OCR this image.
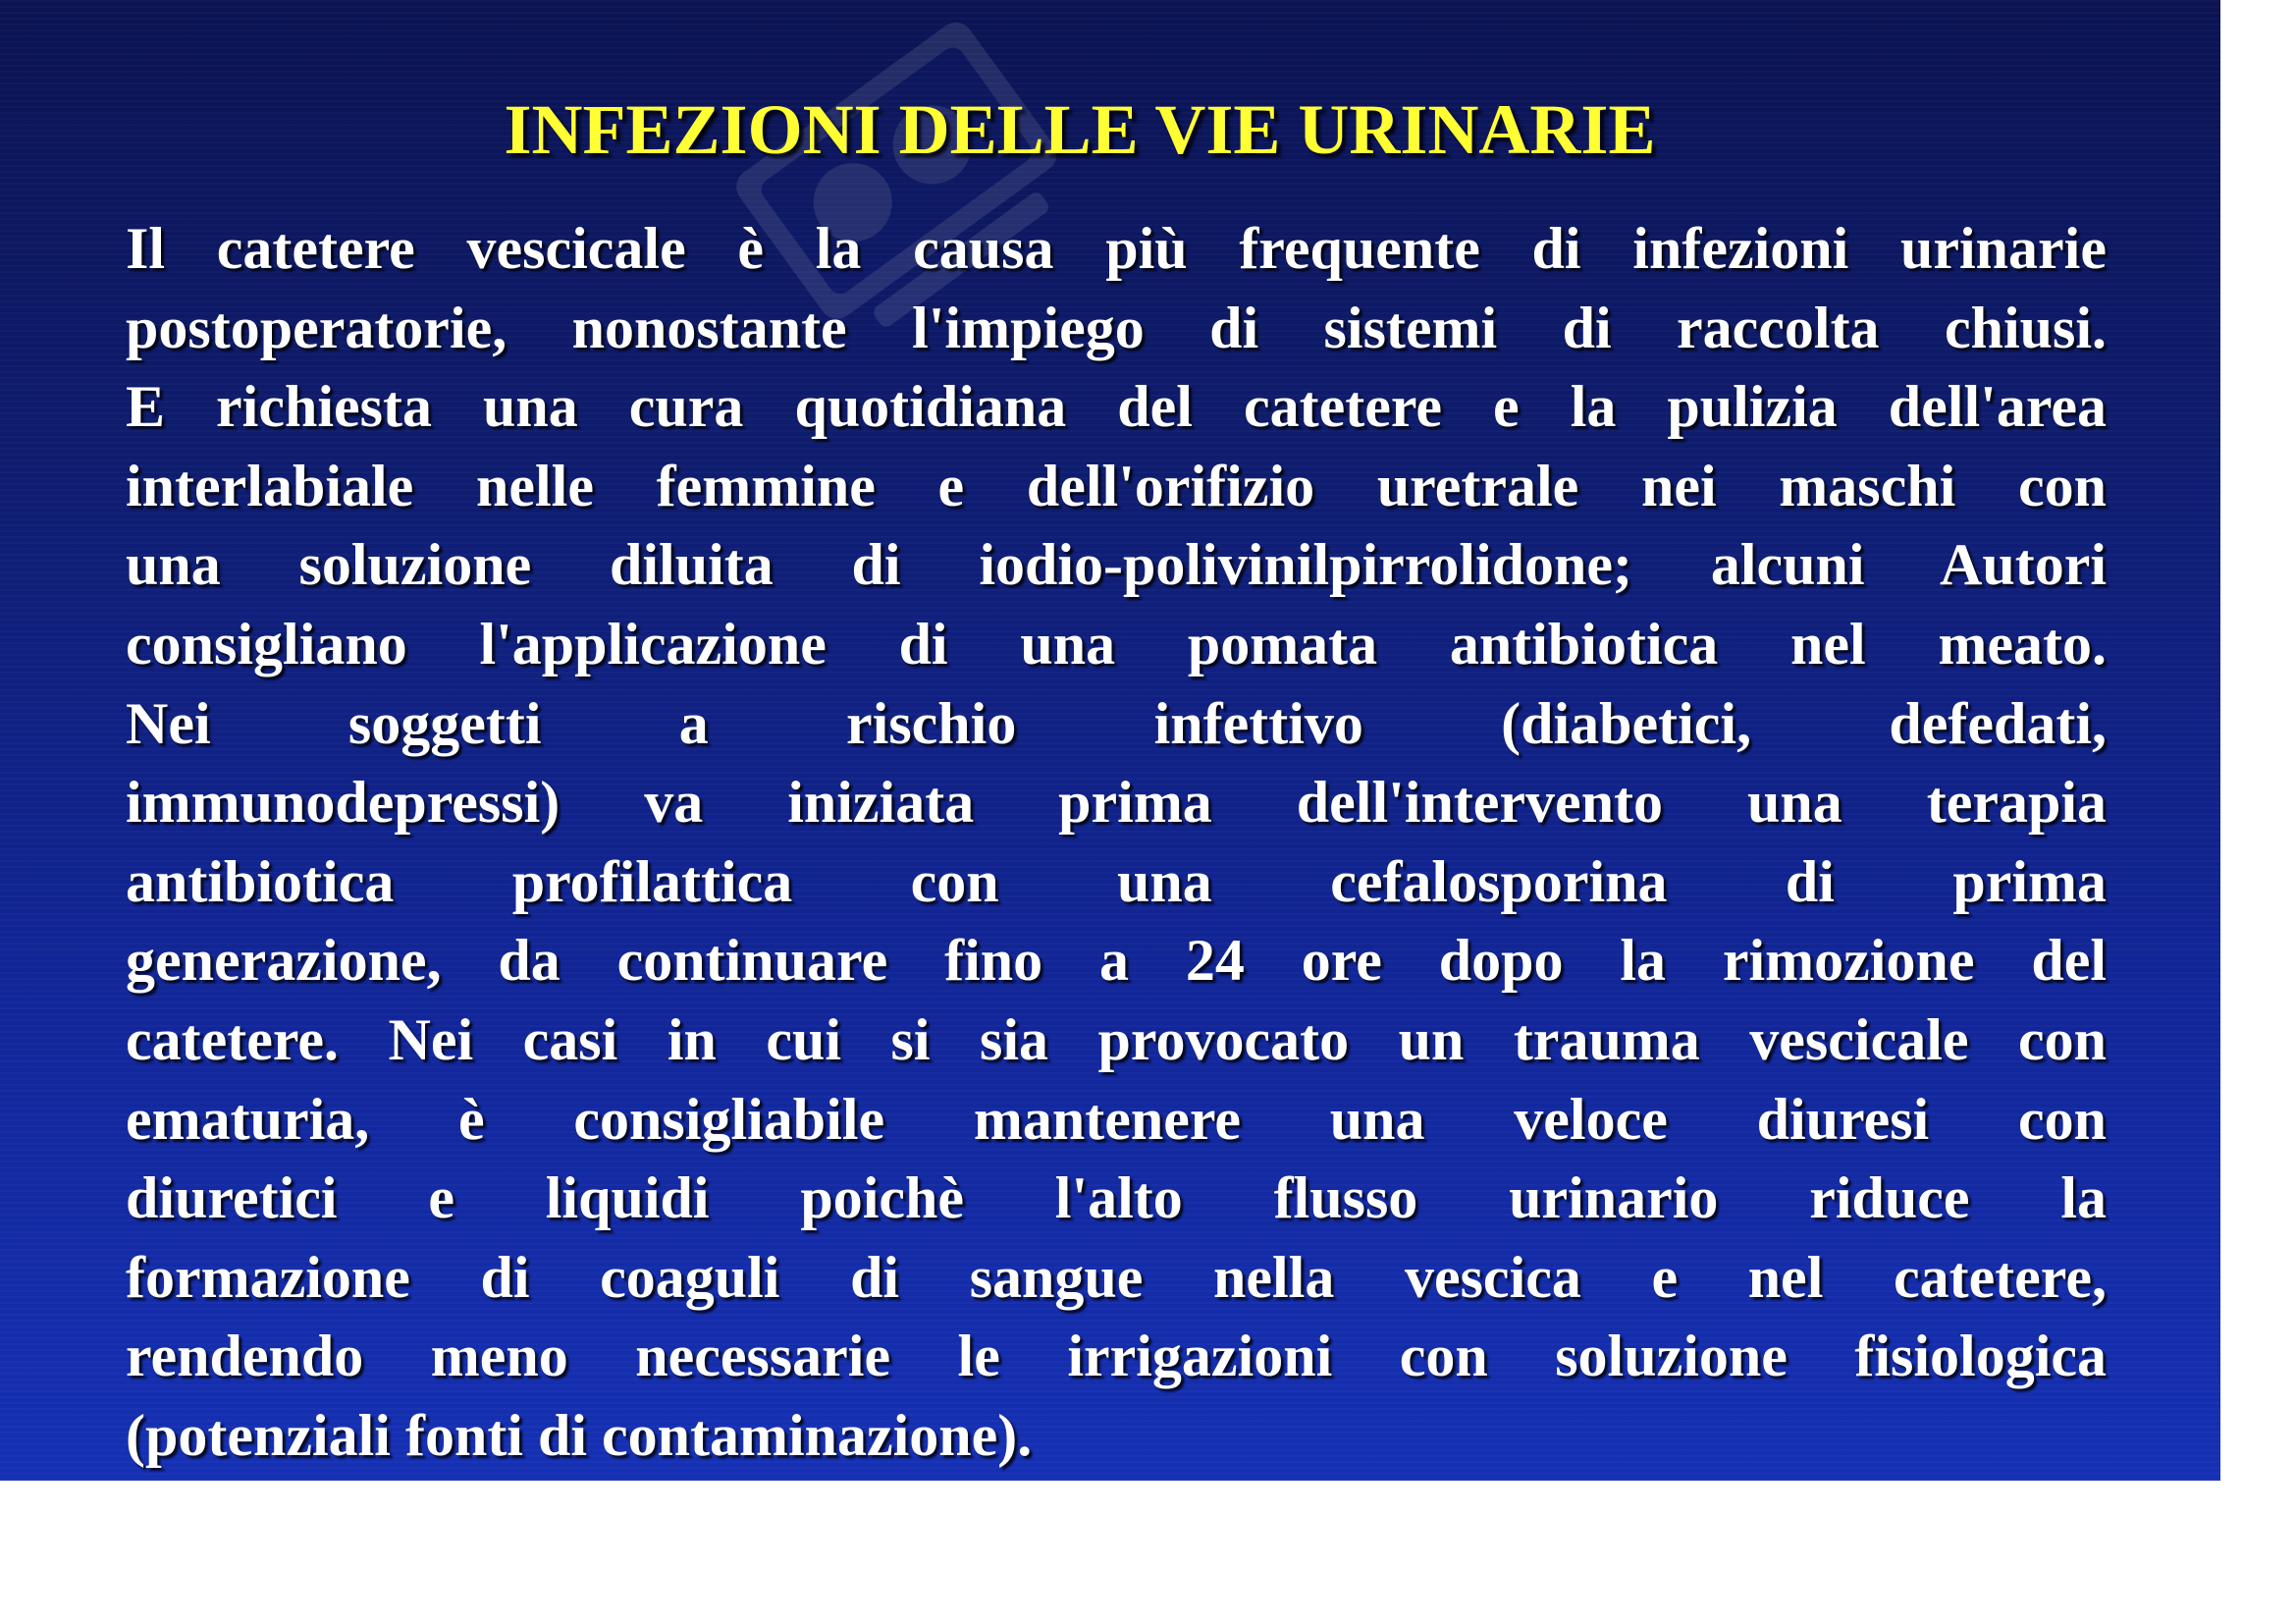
INFEZIONI DELLE VIE URINARIE
Il catetere vescicale è la causa più frequente di infezioni urinarie
postoperatorie, nonostante l'impiego di sistemi di raccolta chiusi.
E richiesta una cura quotidiana del catetere e la pulizia dell'area
interlabiale nelle femmine e dell'orifizio uretrale nei maschi con
una soluzione diluita di iodio-polivinilpirrolidone; alcuni Autori
consigliano l'applicazione di una pomata antibiotica nel meato.
Nei soggetti a rischio infettivo (diabetici, defedati,
immunodepressi) va iniziata prima dell'intervento una terapia
antibiotica profilattica con una cefalosporina di prima
generazione, da continuare fino a 24 ore dopo la rimozione del
catetere. Nei casi in cui si sia provocato un trauma vescicale con
ematuria, è consigliabile mantenere una veloce diuresi con
diuretici e liquidi poichè l'alto flusso urinario riduce la
formazione di coaguli di sangue nella vescica e nel catetere,
rendendo meno necessarie le irrigazioni con soluzione fisiologica
(potenziali fonti di contaminazione).
